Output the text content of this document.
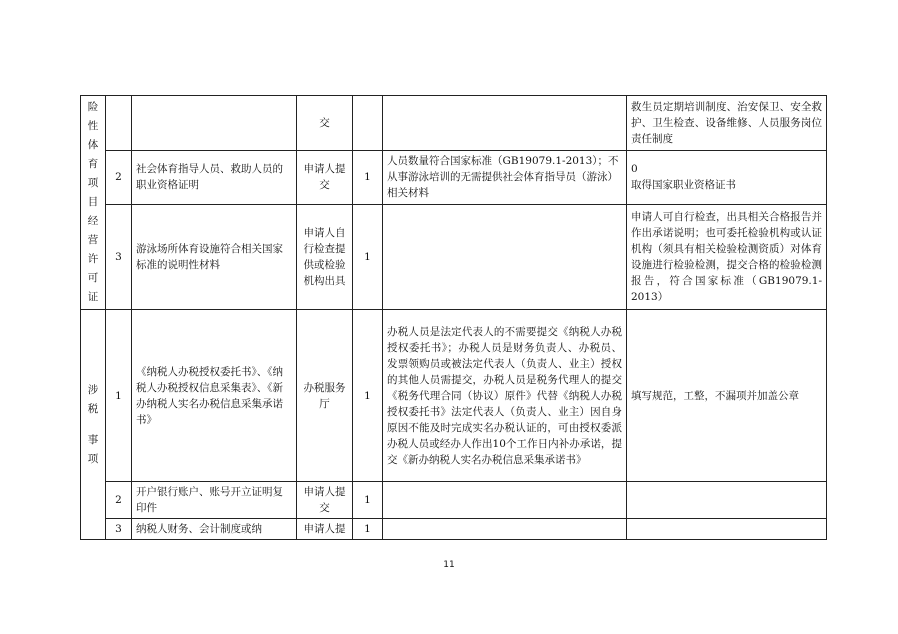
险性体育项目经营许可证			交			救生员定期培训制度、治安保卫、安全救护、卫生检查、设备维修、人员服务岗位责任制度
	2	社会体育指导人员、救助人员的职业资格证明	申请人提交	1	人员数量符合国家标准（GB19079.1-2013）；不从事游泳培训的无需提供社会体育指导员（游泳）相关材料	0
取得国家职业资格证书

	3	游泳场所体育设施符合相关国家标准的说明性材料	申请人自行检查提供或检验机构出具	1		申请人可自行检查，出具相关合格报告并作出承诺说明；也可委托检验机构或认证机构（须具有相关检验检测资质）对体育设施进行检验检测，提交合格的检验检测报告，符合国家标准（GB19079.1-2013）

涉税
事项	1	《纳税人办税授权委托书》、《纳税人办税授权信息采集表》、《新办纳税人实名办税信息采集承诺书》	办税服务厅	1	办税人员是法定代表人的不需要提交《纳税人办税授权委托书》；办税人员是财务负责人、办税员、发票领购员或被法定代表人（负责人、业主）授权的其他人员需提交，办税人员是税务代理人的提交《税务代理合同（协议）原件》代替《纳税人办税授权委托书》法定代表人（负责人、业主）因自身原因不能及时完成实名办税认证的，可由授权委派办税人员或经办人作出10个工作日内补办承诺，提交《新办纳税人实名办税信息采集承诺书》	填写规范，工整，不漏项并加盖公章
	2	开户银行账户、账号开立证明复印件	申请人提交	1		
	3	纳税人财务、会计制度或纳	申请人提	1		
11
